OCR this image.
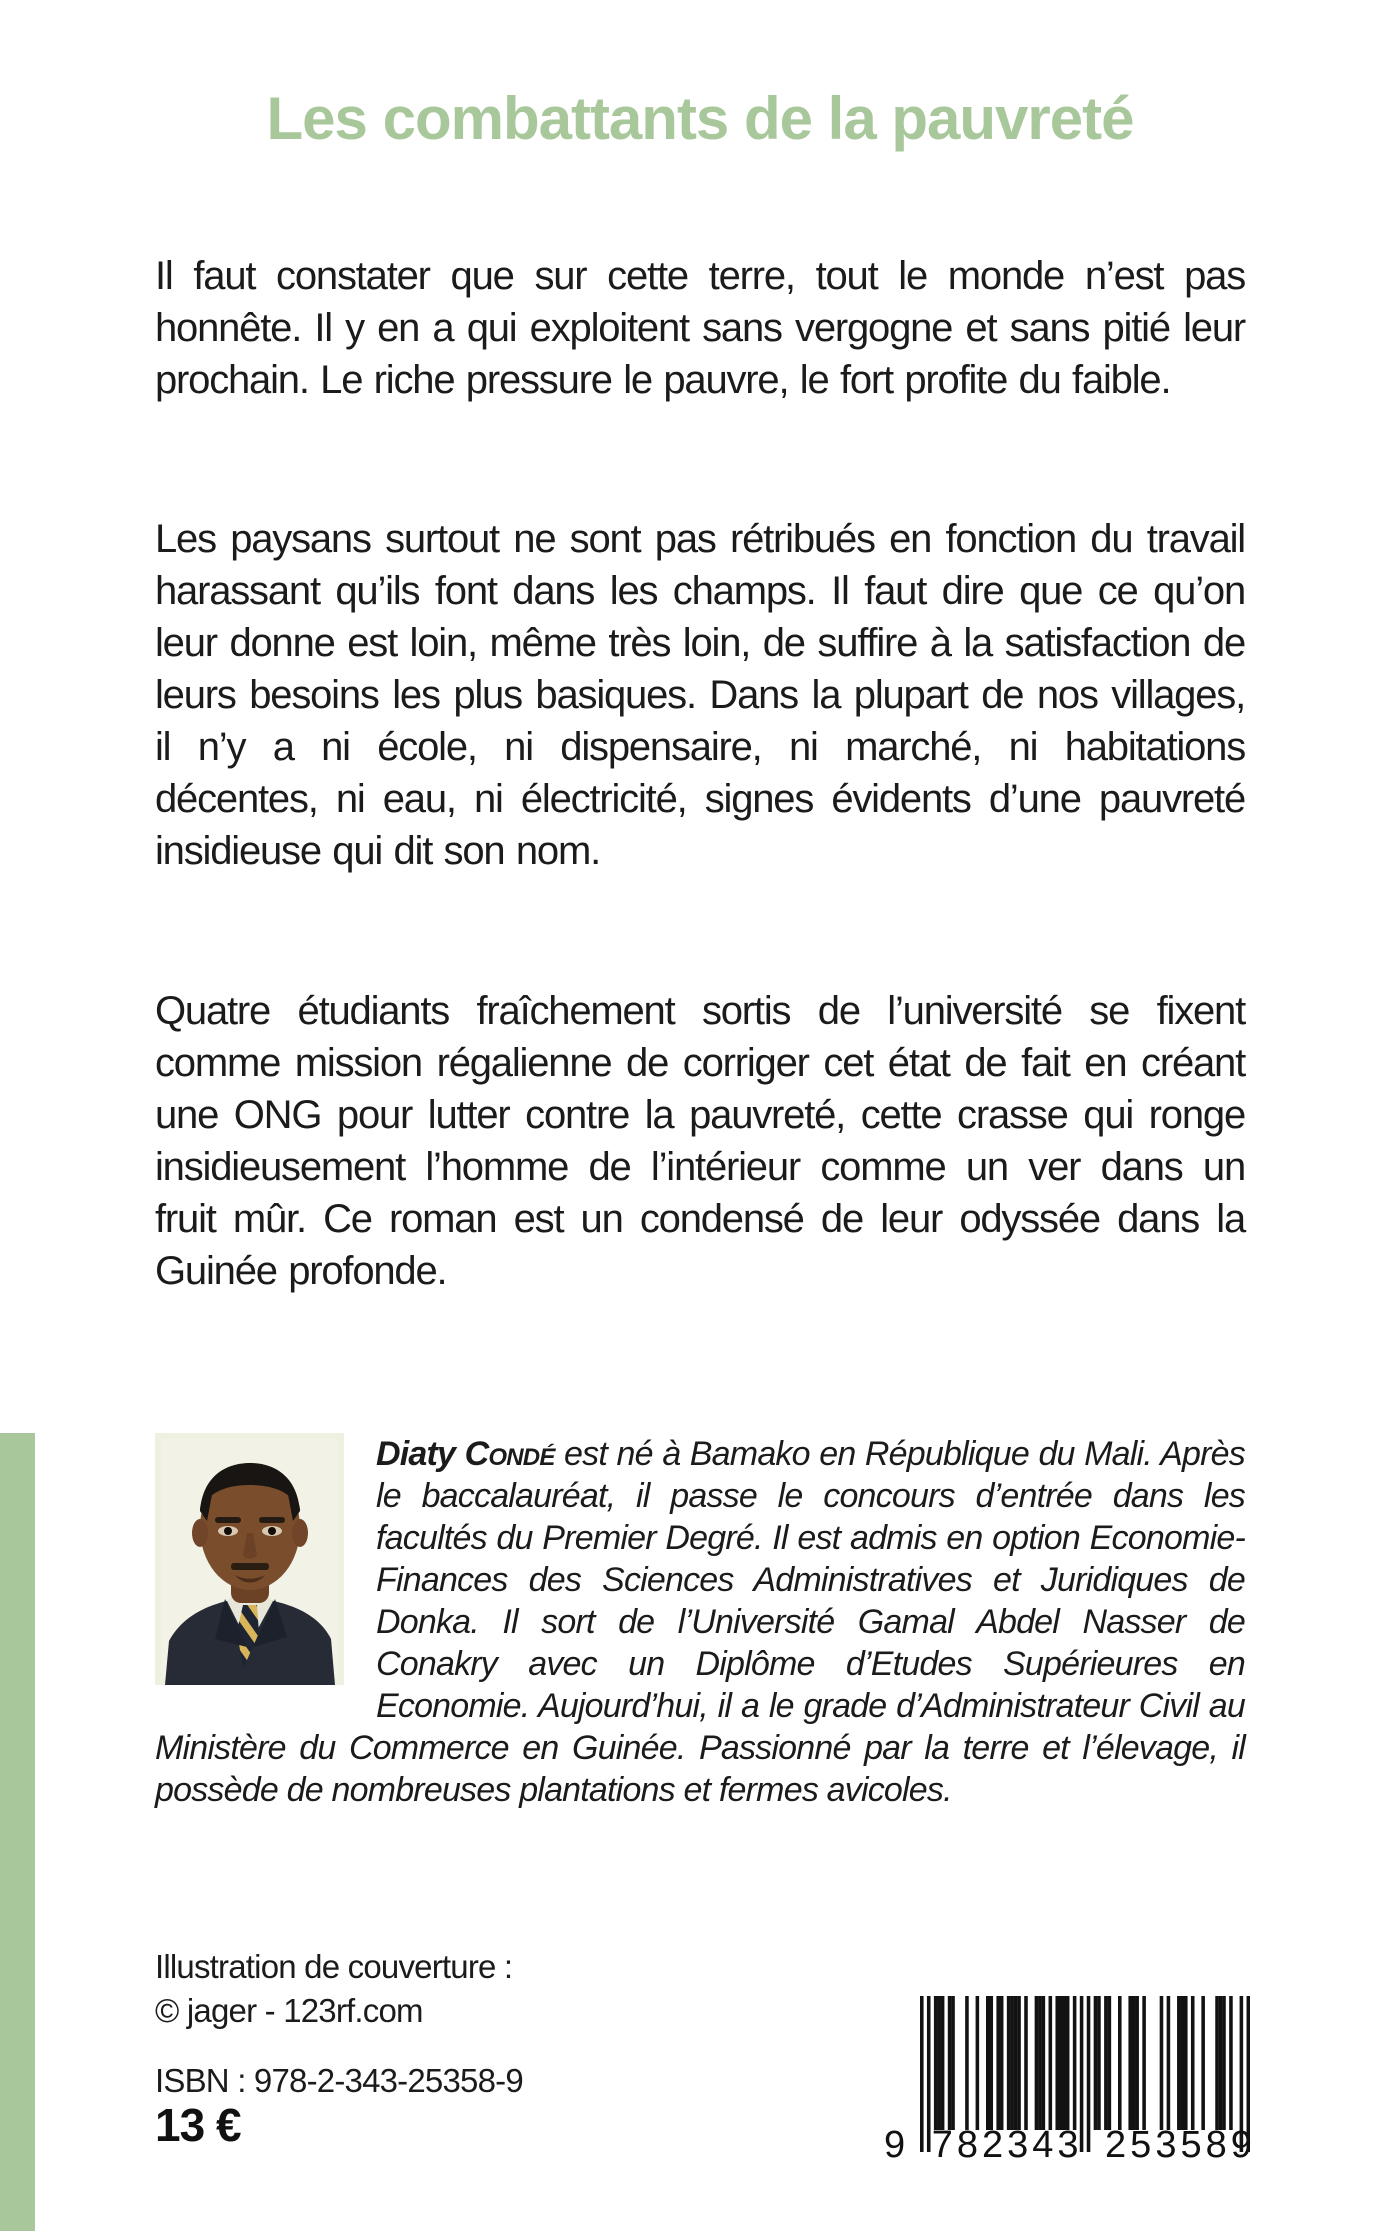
Les combattants de la pauvreté

Il faut constater que sur cette terre, tout le monde n’est pas honnête. Il y en a qui exploitent sans vergogne et sans pitié leur prochain. Le riche pressure le pauvre, le fort profite du faible.

Les paysans surtout ne sont pas rétribués en fonction du travail harassant qu’ils font dans les champs. Il faut dire que ce qu’on leur donne est loin, même très loin, de suffire à la satisfaction de leurs besoins les plus basiques. Dans la plupart de nos villages, il n’y a ni école, ni dispensaire, ni marché, ni habitations décentes, ni eau, ni électricité, signes évidents d’une pauvreté insidieuse qui dit son nom.

Quatre étudiants fraîchement sortis de l’université se fixent comme mission régalienne de corriger cet état de fait en créant une ONG pour lutter contre la pauvreté, cette crasse qui ronge insidieusement l’homme de l’intérieur comme un ver dans un fruit mûr. Ce roman est un condensé de leur odyssée dans la Guinée profonde.

Diaty Condé est né à Bamako en République du Mali. Après le baccalauréat, il passe le concours d’entrée dans les facultés du Premier Degré. Il est admis en option Economie-Finances des Sciences Administratives et Juridiques de Donka. Il sort de l’Université Gamal Abdel Nasser de Conakry avec un Diplôme d’Etudes Supérieures en Economie. Aujourd’hui, il a le grade d’Administrateur Civil au Ministère du Commerce en Guinée. Passionné par la terre et l’élevage, il possède de nombreuses plantations et fermes avicoles.

Illustration de couverture :

© jager - 123rf.com

ISBN : 978-2-343-25358-9

13 €	9 782343 253589
